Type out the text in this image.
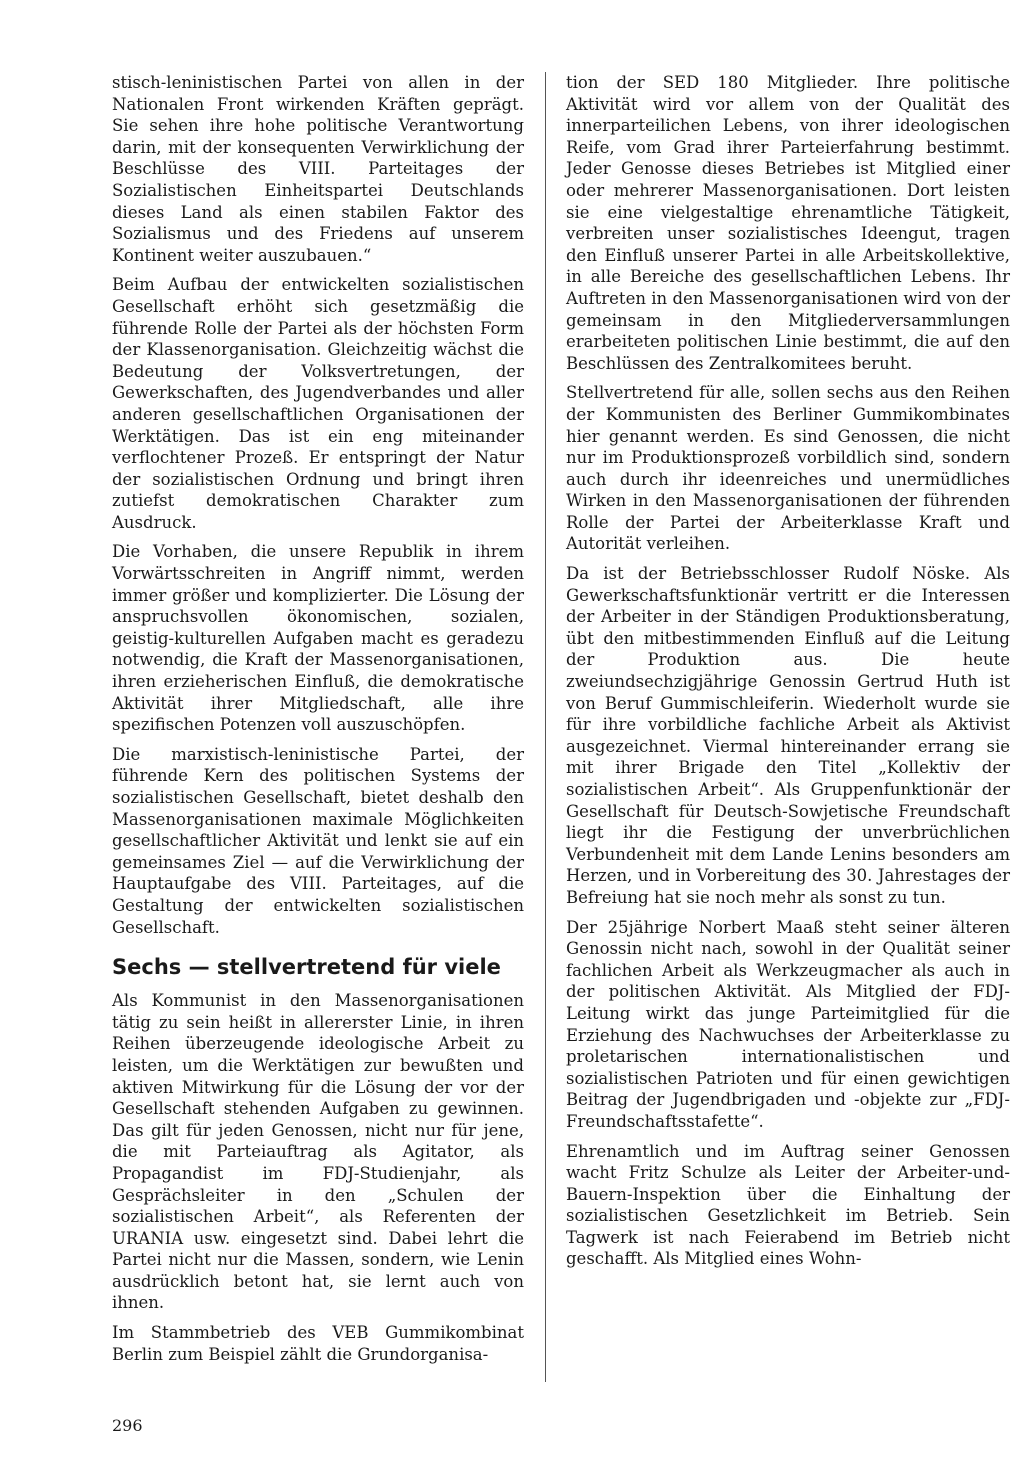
stisch-leninistischen Partei von allen in der Nationalen Front wirkenden Kräften geprägt. Sie sehen ihre hohe politische Verantwortung darin, mit der konsequenten Verwirklichung der Beschlüsse des VIII. Parteitages der Sozialistischen Einheitspartei Deutschlands dieses Land als einen stabilen Faktor des Sozialismus und des Friedens auf unserem Kontinent weiter auszubauen.“

Beim Aufbau der entwickelten sozialistischen Gesellschaft erhöht sich gesetzmäßig die führende Rolle der Partei als der höchsten Form der Klassenorganisation. Gleichzeitig wächst die Bedeutung der Volksvertretungen, der Gewerkschaften, des Jugendverbandes und aller anderen gesellschaftlichen Organisationen der Werktätigen. Das ist ein eng miteinander verflochtener Prozeß. Er entspringt der Natur der sozialistischen Ordnung und bringt ihren zutiefst demokratischen Charakter zum Ausdruck.

Die Vorhaben, die unsere Republik in ihrem Vorwärtsschreiten in Angriff nimmt, werden immer größer und komplizierter. Die Lösung der anspruchsvollen ökonomischen, sozialen, geistig-kulturellen Aufgaben macht es geradezu notwendig, die Kraft der Massenorganisationen, ihren erzieherischen Einfluß, die demokratische Aktivität ihrer Mitgliedschaft, alle ihre spezifischen Potenzen voll auszuschöpfen.

Die marxistisch-leninistische Partei, der führende Kern des politischen Systems der sozialistischen Gesellschaft, bietet deshalb den Massenorganisationen maximale Möglichkeiten gesellschaftlicher Aktivität und lenkt sie auf ein gemeinsames Ziel — auf die Verwirklichung der Hauptaufgabe des VIII. Parteitages, auf die Gestaltung der entwickelten sozialistischen Gesellschaft.

Sechs — stellvertretend für viele

Als Kommunist in den Massenorganisationen tätig zu sein heißt in allererster Linie, in ihren Reihen überzeugende ideologische Arbeit zu leisten, um die Werktätigen zur bewußten und aktiven Mitwirkung für die Lösung der vor der Gesellschaft stehenden Aufgaben zu gewinnen. Das gilt für jeden Genossen, nicht nur für jene, die mit Parteiauftrag als Agitator, als Propagandist im FDJ-Studienjahr, als Gesprächsleiter in den „Schulen der sozialistischen Arbeit“, als Referenten der URANIA usw. eingesetzt sind. Dabei lehrt die Partei nicht nur die Massen, sondern, wie Lenin ausdrücklich betont hat, sie lernt auch von ihnen.

Im Stammbetrieb des VEB Gummikombinat Berlin zum Beispiel zählt die Grundorganisa-

tion der SED 180 Mitglieder. Ihre politische Aktivität wird vor allem von der Qualität des innerparteilichen Lebens, von ihrer ideologischen Reife, vom Grad ihrer Parteierfahrung bestimmt. Jeder Genosse dieses Betriebes ist Mitglied einer oder mehrerer Massenorganisationen. Dort leisten sie eine vielgestaltige ehrenamtliche Tätigkeit, verbreiten unser sozialistisches Ideengut, tragen den Einfluß unserer Partei in alle Arbeitskollektive, in alle Bereiche des gesellschaftlichen Lebens. Ihr Auftreten in den Massenorganisationen wird von der gemeinsam in den Mitgliederversammlungen erarbeiteten politischen Linie bestimmt, die auf den Beschlüssen des Zentralkomitees beruht.

Stellvertretend für alle, sollen sechs aus den Reihen der Kommunisten des Berliner Gummikombinates hier genannt werden. Es sind Genossen, die nicht nur im Produktionsprozeß vorbildlich sind, sondern auch durch ihr ideenreiches und unermüdliches Wirken in den Massenorganisationen der führenden Rolle der Partei der Arbeiterklasse Kraft und Autorität verleihen.

Da ist der Betriebsschlosser Rudolf Nöske. Als Gewerkschaftsfunktionär vertritt er die Interessen der Arbeiter in der Ständigen Produktionsberatung, übt den mitbestimmenden Einfluß auf die Leitung der Produktion aus. Die heute zweiundsechzigjährige Genossin Gertrud Huth ist von Beruf Gummischleiferin. Wiederholt wurde sie für ihre vorbildliche fachliche Arbeit als Aktivist ausgezeichnet. Viermal hintereinander errang sie mit ihrer Brigade den Titel „Kollektiv der sozialistischen Arbeit“. Als Gruppenfunktionär der Gesellschaft für Deutsch-Sowjetische Freundschaft liegt ihr die Festigung der unverbrüchlichen Verbundenheit mit dem Lande Lenins besonders am Herzen, und in Vorbereitung des 30. Jahrestages der Befreiung hat sie noch mehr als sonst zu tun.

Der 25jährige Norbert Maaß steht seiner älteren Genossin nicht nach, sowohl in der Qualität seiner fachlichen Arbeit als Werkzeugmacher als auch in der politischen Aktivität. Als Mitglied der FDJ-Leitung wirkt das junge Parteimitglied für die Erziehung des Nachwuchses der Arbeiterklasse zu proletarischen internationalistischen und sozialistischen Patrioten und für einen gewichtigen Beitrag der Jugendbrigaden und -objekte zur „FDJ-Freundschaftsstafette“.

Ehrenamtlich und im Auftrag seiner Genossen wacht Fritz Schulze als Leiter der Arbeiter-und-Bauern-Inspektion über die Einhaltung der sozialistischen Gesetzlichkeit im Betrieb. Sein Tagwerk ist nach Feierabend im Betrieb nicht geschafft. Als Mitglied eines Wohn-

296
